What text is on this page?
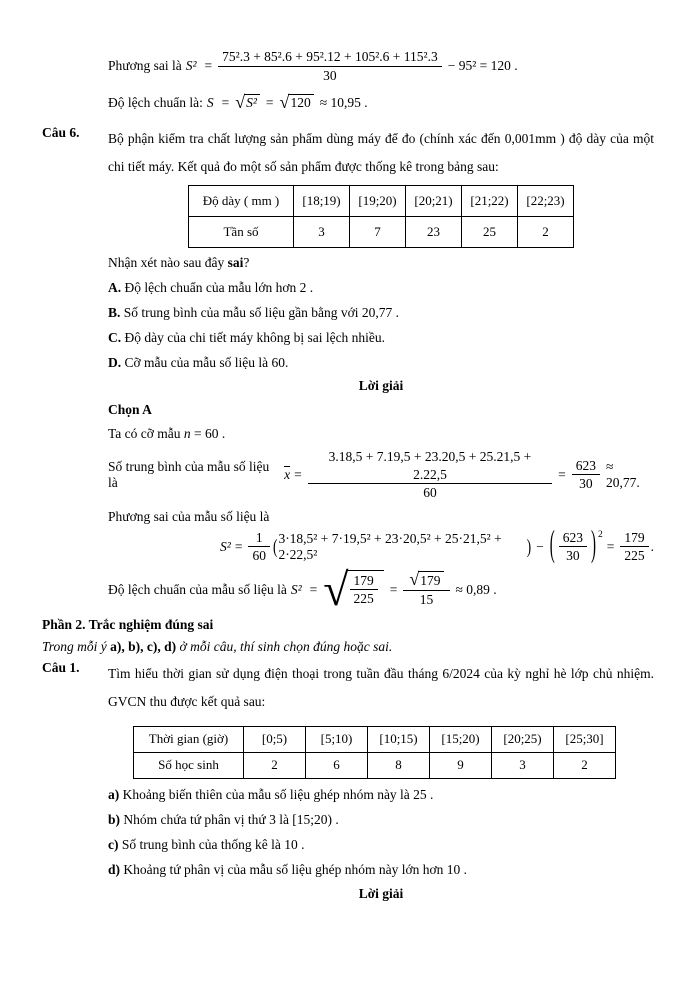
Phương sai là $S^2 = \frac{\text{75².3 + 85².6 + 95².12 + 105².6 + 115².3}}{30} - 95^2 = 120$ .
Độ lệch chuẩn là: S = √ S² = √ 120 ≈ 10,95 .
Câu 6.	Bộ phận kiểm tra chất lượng sản phẩm dùng máy để đo (chính xác đến 0,001mm ) độ dày của một chi tiết máy. Kết quả đo một số sản phẩm được thống kê trong bảng sau:
Độ dày ( mm )	[18;19)	[19;20)	[20;21)	[21;22)	[22;23)
Tần số	3	7	23	25	2
Nhận xét nào sau đây sai?
A. Độ lệch chuẩn của mẫu lớn hơn 2 .
B. Số trung bình của mẫu số liệu gần bằng với 20,77 .
C. Độ dày của chi tiết máy không bị sai lệch nhiều.
D. Cỡ mẫu của mẫu số liệu là 60.
Lời giải
Chọn A
Ta có cỡ mẫu n = 60 .
Số trung bình của mẫu số liệu là
$\overline{x} = \frac{3.18,5 + 7.19,5 + 23.20,5 + 25.21,5 + 2.22,5}{60} = \frac{623}{30} \approx 20,77$.
Phương sai của mẫu số liệu là
$S^2 = \frac{1}{60}$ ( 3·18,5² + 7·19,5² + 23·20,5² + 25·21,5² + 2·22,5²	) − ( $\frac{623}{30}$ ) 2
= $\frac{179}{225}$ .
Độ lệch chuẩn của mẫu số liệu là S² = √ $\frac{179}{225} = \frac{√ 179}{15} \approx 0,89$ .
Phần 2. Trắc nghiệm đúng sai
Trong mỗi ý a), b), c), d) ở mỗi câu, thí sinh chọn đúng hoặc sai.
Câu 1.	Tìm hiểu thời gian sử dụng điện thoại trong tuần đầu tháng 6/2024 của kỳ nghỉ hè lớp chủ nhiệm. GVCN thu được kết quả sau:
Thời gian (giờ)	[0;5)	[5;10)	[10;15)	[15;20)	[20;25)	[25;30]
Số học sinh	2	6	8	9	3	2
a) Khoảng biến thiên của mẫu số liệu ghép nhóm này là 25 .
b) Nhóm chứa tứ phân vị thứ 3 là [15;20) .
c) Số trung bình của thống kê là 10 .
d) Khoảng tứ phân vị của mẫu số liệu ghép nhóm này lớn hơn 10 .
Lời giải
